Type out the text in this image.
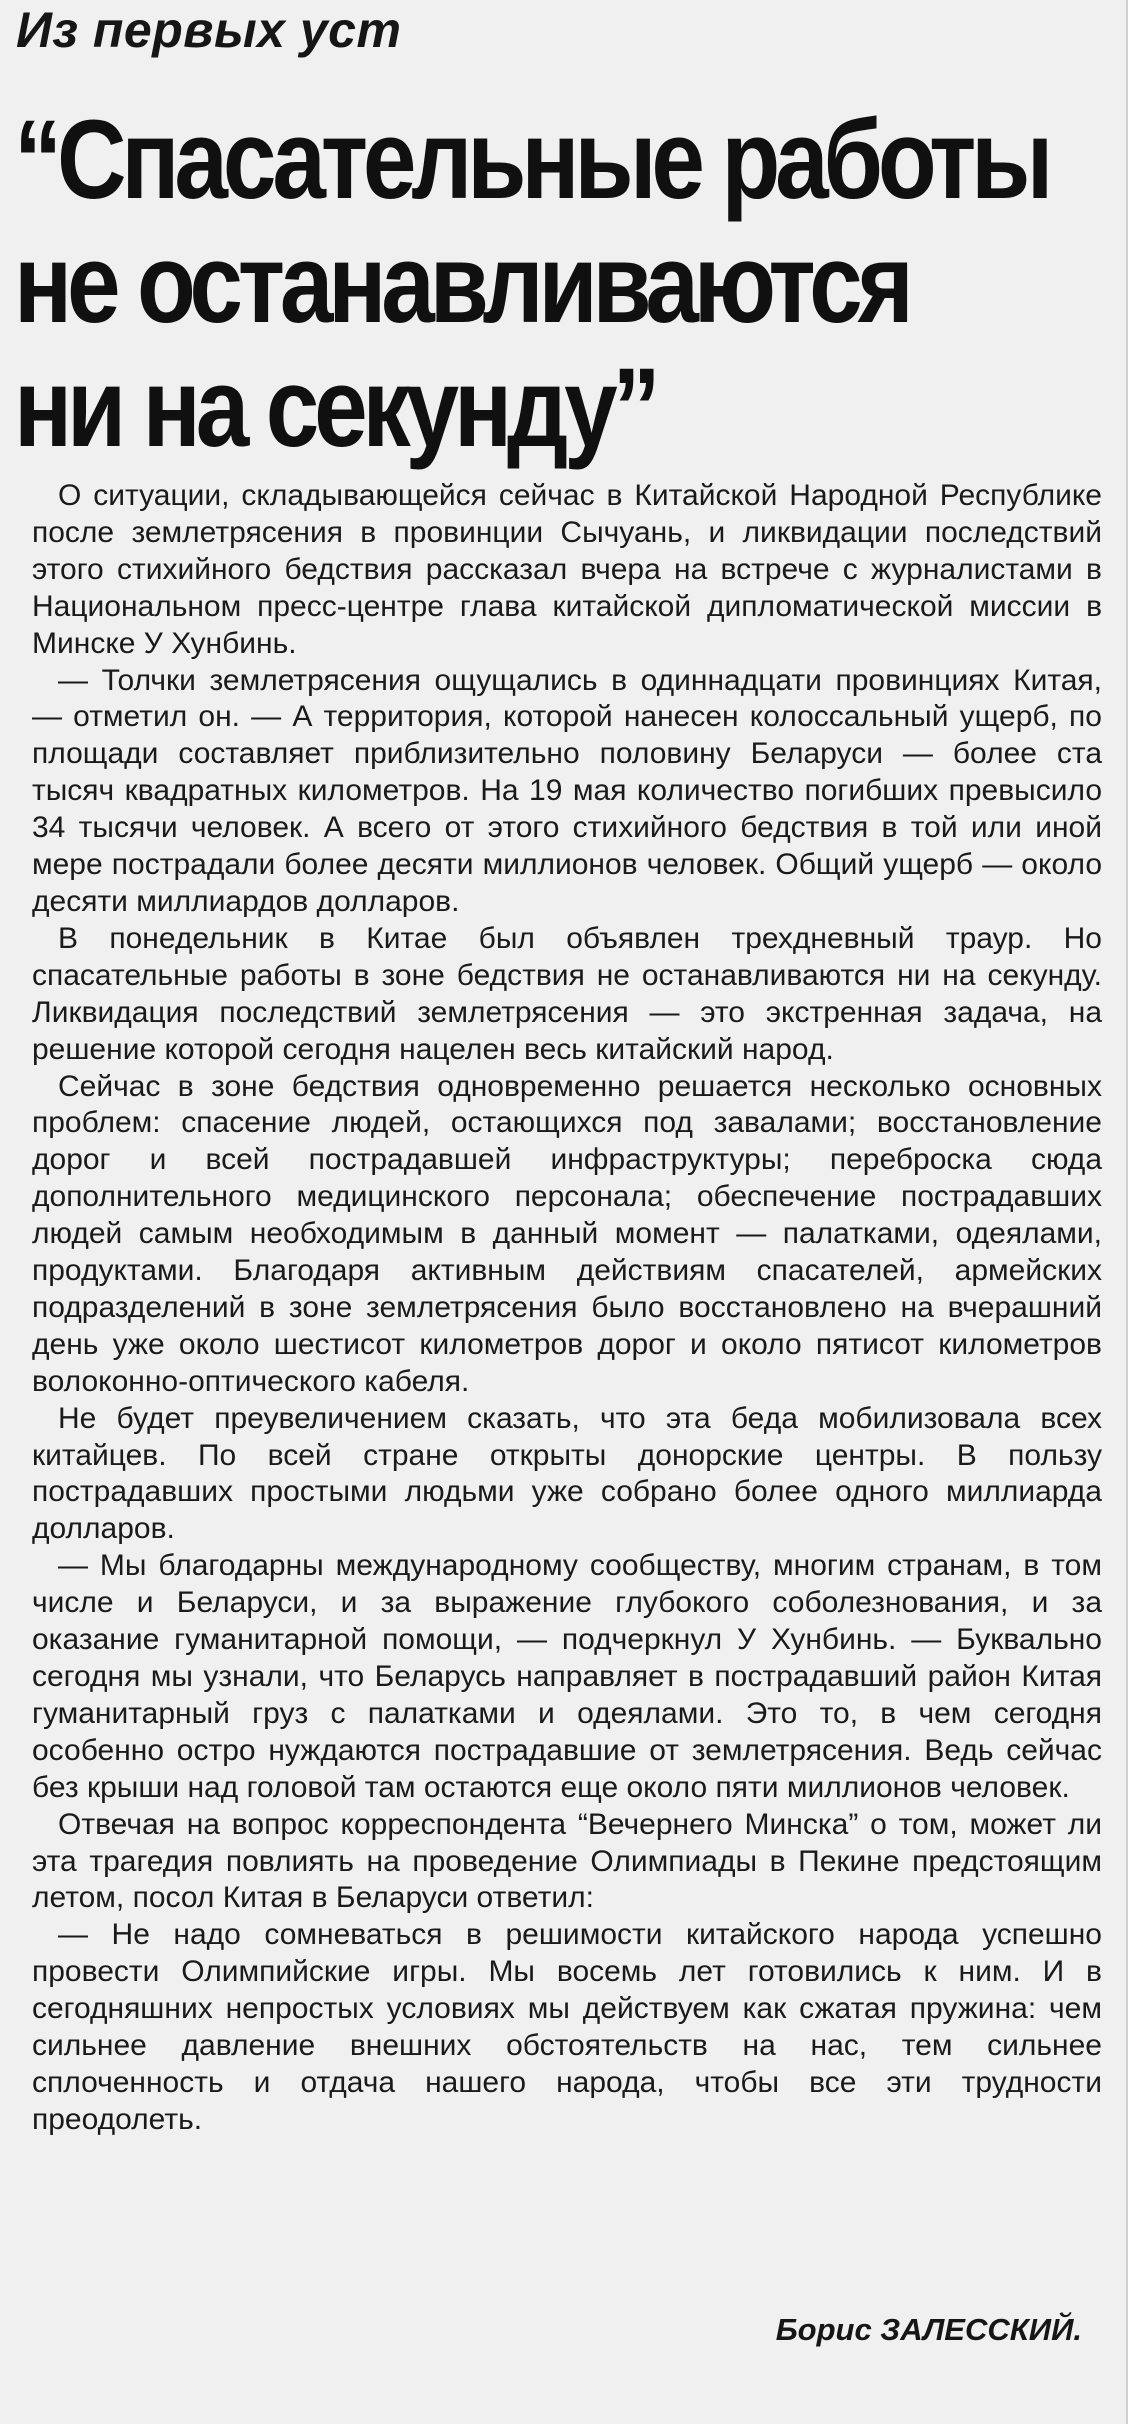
Из первых уст
“Спасательные работы
не останавливаются
ни на секунду”

О ситуации, складывающейся сейчас в Китайской Народной Республике после землетрясения в провинции Сычуань, и ликвидации последствий этого стихийного бедствия рассказал вчера на встрече с журналистами в Национальном пресс-центре глава китайской дипломатической миссии в Минске У Хунбинь.

— Толчки землетрясения ощущались в одиннадцати провинциях Китая, — отметил он. — А территория, которой нанесен колоссальный ущерб, по площади составляет приблизительно половину Беларуси — более ста тысяч квадратных километров. На 19 мая количество погибших превысило 34 тысячи человек. А всего от этого стихийного бедствия в той или иной мере пострадали более десяти миллионов человек. Общий ущерб — около десяти миллиардов долларов.

В понедельник в Китае был объявлен трехдневный траур. Но спасательные работы в зоне бедствия не останавливаются ни на секунду. Ликвидация последствий землетрясения — это экстренная задача, на решение которой сегодня нацелен весь китайский народ.

Сейчас в зоне бедствия одновременно решается несколько основных проблем: спасение людей, остающихся под завалами; восстановление дорог и всей пострадавшей инфраструктуры; переброска сюда дополнительного медицинского персонала; обеспечение пострадавших людей самым необходимым в данный момент — палатками, одеялами, продуктами. Благодаря активным действиям спасателей, армейских подразделений в зоне землетрясения было восстановлено на вчерашний день уже около шестисот километров дорог и около пятисот километров волоконно-оптического кабеля.

Не будет преувеличением сказать, что эта беда мобилизовала всех китайцев. По всей стране открыты донорские центры. В пользу пострадавших простыми людьми уже собрано более одного миллиарда долларов.

— Мы благодарны международному сообществу, многим странам, в том числе и Беларуси, и за выражение глубокого соболезнования, и за оказание гуманитарной помощи, — подчеркнул У Хунбинь. — Буквально сегодня мы узнали, что Беларусь направляет в пострадавший район Китая гуманитарный груз с палатками и одеялами. Это то, в чем сегодня особенно остро нуждаются пострадавшие от землетрясения. Ведь сейчас без крыши над головой там остаются еще около пяти миллионов человек.

Отвечая на вопрос корреспондента “Вечернего Минска” о том, может ли эта трагедия повлиять на проведение Олимпиады в Пекине предстоящим летом, посол Китая в Беларуси ответил:

— Не надо сомневаться в решимости китайского народа успешно провести Олимпийские игры. Мы восемь лет готовились к ним. И в сегодняшних непростых условиях мы действуем как сжатая пружина: чем сильнее давление внешних обстоятельств на нас, тем сильнее сплоченность и отдача нашего народа, чтобы все эти трудности преодолеть.

Борис ЗАЛЕССКИЙ.
